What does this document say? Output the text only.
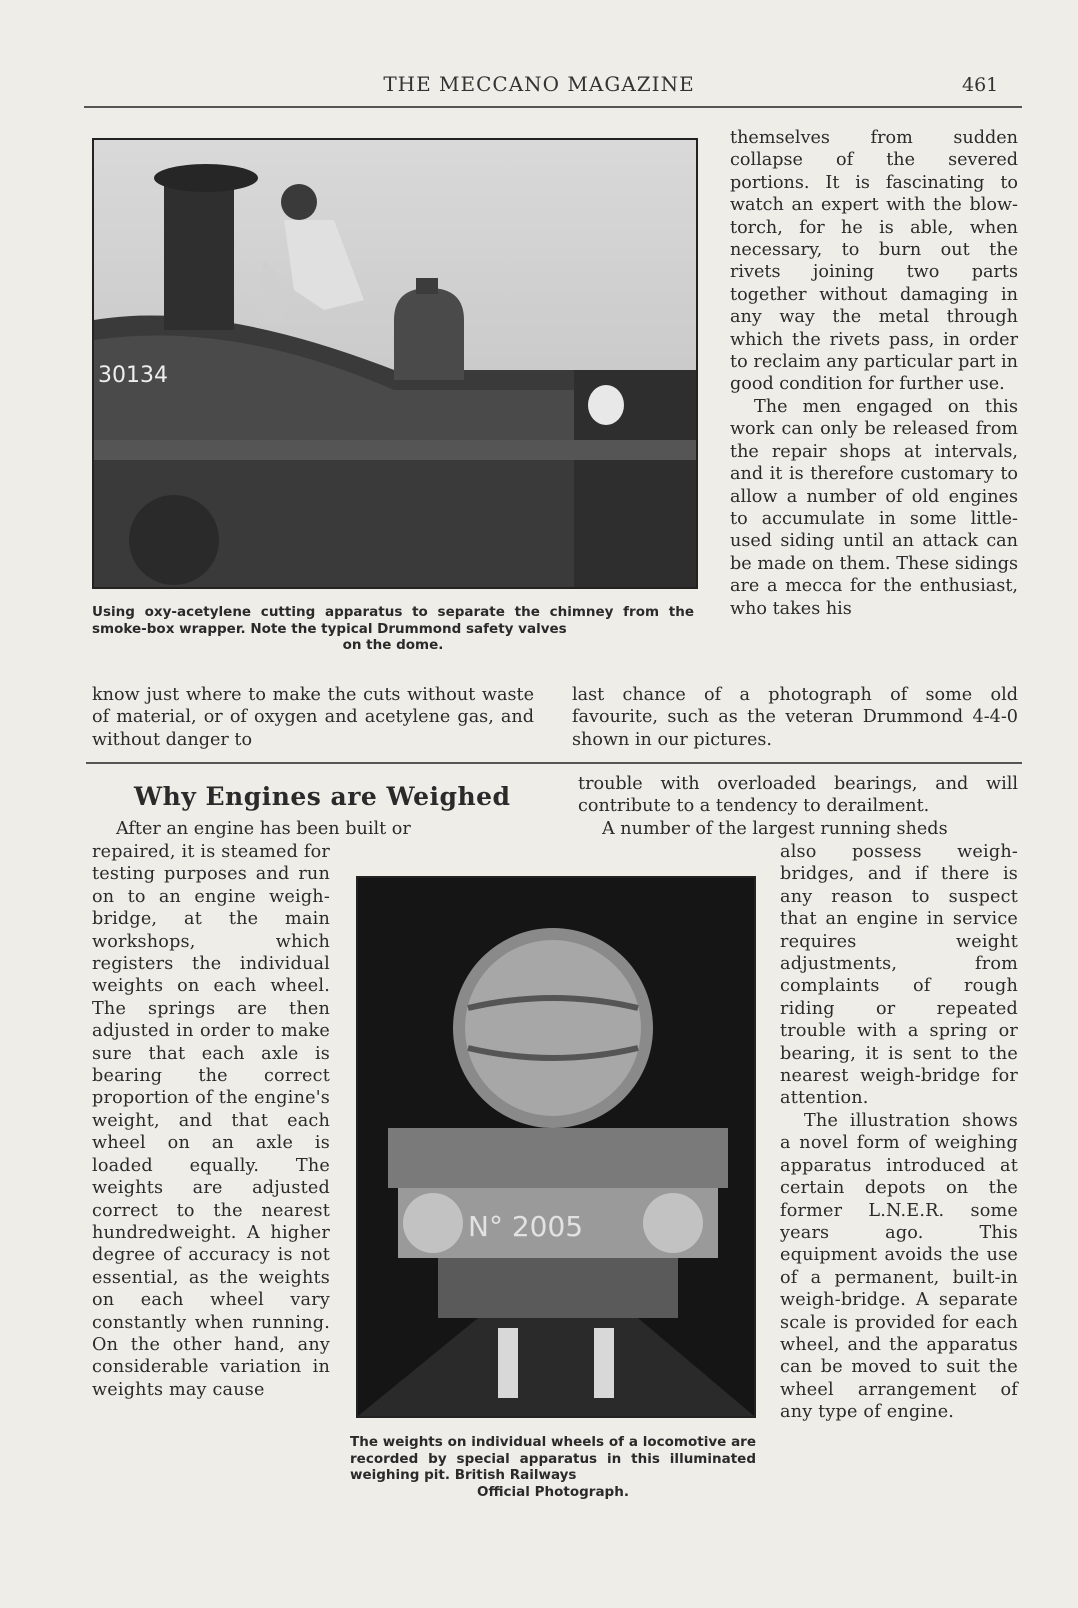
THE MECCANO MAGAZINE	461
30134
Using oxy-acetylene cutting apparatus to separate the chimney from the smoke-box wrapper. Note the typical Drummond safety valves
on the dome.

themselves from sudden collapse of the severed portions. It is fascinating to watch an expert with the blow-torch, for he is able, when necessary, to burn out the rivets joining two parts together without damaging in any way the metal through which the rivets pass, in order to reclaim any particular part in good condition for further use.

The men engaged on this work can only be released from the repair shops at intervals, and it is therefore customary to allow a number of old engines to accumulate in some little-used siding until an attack can be made on them. These sidings are a mecca for the enthusiast, who takes his

know just where to make the cuts without waste of material, or of oxygen and acetylene gas, and without danger to

last chance of a photograph of some old favourite, such as the veteran Drummond 4-4-0 shown in our pictures.

Why Engines are Weighed

After an engine has been built or

repaired, it is steamed for testing purposes and run on to an engine weigh-bridge, at the main workshops, which registers the individual weights on each wheel. The springs are then adjusted in order to make sure that each axle is bearing the correct proportion of the engine's weight, and that each wheel on an axle is loaded equally. The weights are adjusted correct to the nearest hundredweight. A higher degree of accuracy is not essential, as the weights on each wheel vary constantly when running. On the other hand, any considerable variation in weights may cause

trouble with overloaded bearings, and will contribute to a tendency to derailment.

A number of the largest running sheds

also possess weigh-bridges, and if there is any reason to suspect that an engine in service requires weight adjustments, from complaints of rough riding or repeated trouble with a spring or bearing, it is sent to the nearest weigh-bridge for attention.

The illustration shows a novel form of weighing apparatus introduced at certain depots on the former L.N.E.R. some years ago. This equipment avoids the use of a permanent, built-in weigh-bridge. A separate scale is provided for each wheel, and the apparatus can be moved to suit the wheel arrangement of any type of engine.

N° 2005
The weights on individual wheels of a locomotive are recorded by special apparatus in this illuminated weighing pit. British Railways
Official Photograph.
